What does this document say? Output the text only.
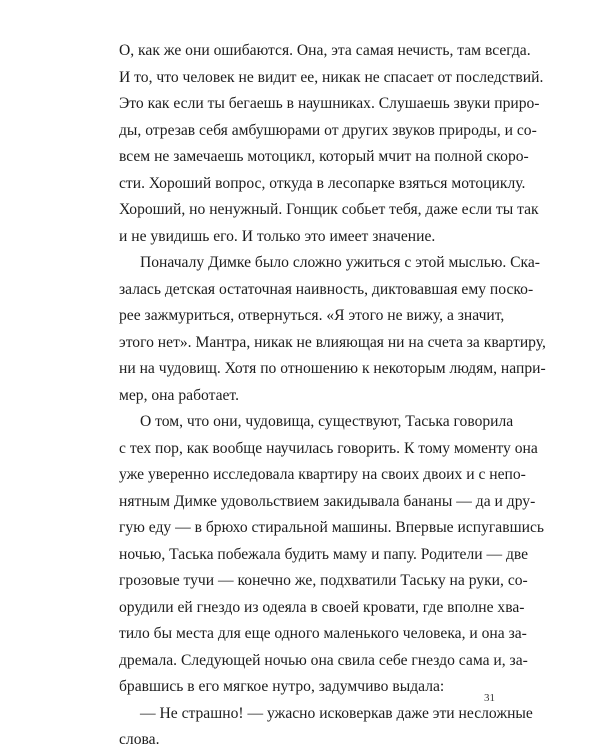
О, как же они ошибаются. Она, эта самая нечисть, там всегда.
И то, что человек не видит ее, никак не спасает от последствий.
Это как если ты бегаешь в наушниках. Слушаешь звуки приро-
ды, отрезав себя амбушюрами от других звуков природы, и со-
всем не замечаешь мотоцикл, который мчит на полной скоро-
сти. Хороший вопрос, откуда в лесопарке взяться мотоциклу.
Хороший, но ненужный. Гонщик собьет тебя, даже если ты так
и не увидишь его. И только это имеет значение.
Поначалу Димке было сложно ужиться с этой мыслью. Ска-
залась детская остаточная наивность, диктовавшая ему поско-
рее зажмуриться, отвернуться. «Я этого не вижу, а значит,
этого нет». Мантра, никак не влияющая ни на счета за квартиру,
ни на чудовищ. Хотя по отношению к некоторым людям, напри-
мер, она работает.
О том, что они, чудовища, существуют, Таська говорила
с тех пор, как вообще научилась говорить. К тому моменту она
уже уверенно исследовала квартиру на своих двоих и с непо-
нятным Димке удовольствием закидывала бананы — да и дру-
гую еду — в брюхо стиральной машины. Впервые испугавшись
ночью, Таська побежала будить маму и папу. Родители — две
грозовые тучи — конечно же, подхватили Таську на руки, со-
орудили ей гнездо из одеяла в своей кровати, где вполне хва-
тило бы места для еще одного маленького человека, и она за-
дремала. Следующей ночью она свила себе гнездо сама и, за-
бравшись в его мягкое нутро, задумчиво выдала:
— Не страшно! — ужасно исковеркав даже эти несложные
слова.
31
